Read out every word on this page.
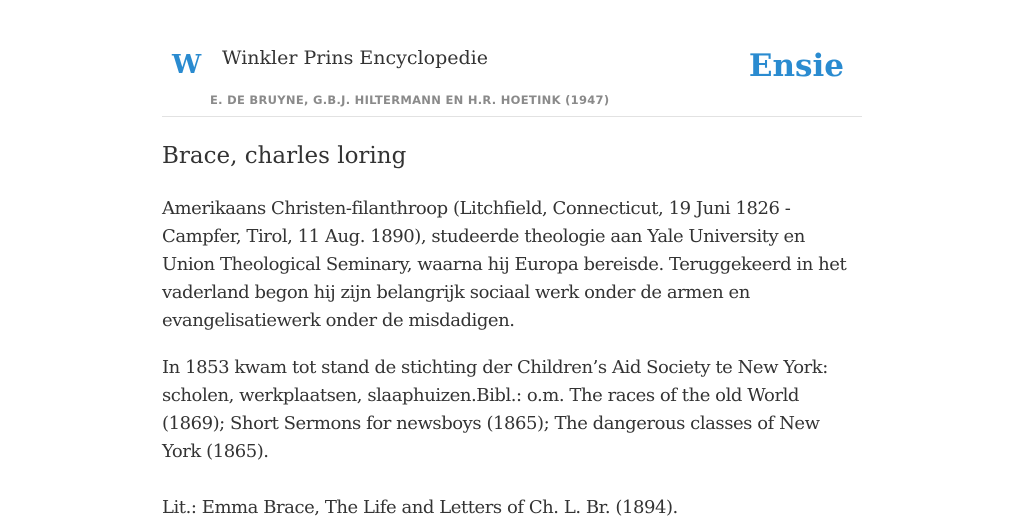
W Winkler Prins Encyclopedie
E. DE BRUYNE, G.B.J. HILTERMANN EN H.R. HOETINK (1947)
Ensie
Brace, charles loring

Amerikaans Christen-filanthroop (Litchfield, Connecticut, 19 Juni 1826 - Campfer, Tirol, 11 Aug. 1890), studeerde theologie aan Yale University en Union Theological Seminary, waarna hij Europa bereisde. Teruggekeerd in het vaderland begon hij zijn belangrijk sociaal werk onder de armen en evangelisatiewerk onder de misdadigen.

In 1853 kwam tot stand de stichting der Children’s Aid Society te New York: scholen, werkplaatsen, slaaphuizen.Bibl.: o.m. The races of the old World (1869); Short Sermons for newsboys (1865); The dangerous classes of New York (1865).

Lit.: Emma Brace, The Life and Letters of Ch. L. Br. (1894).
